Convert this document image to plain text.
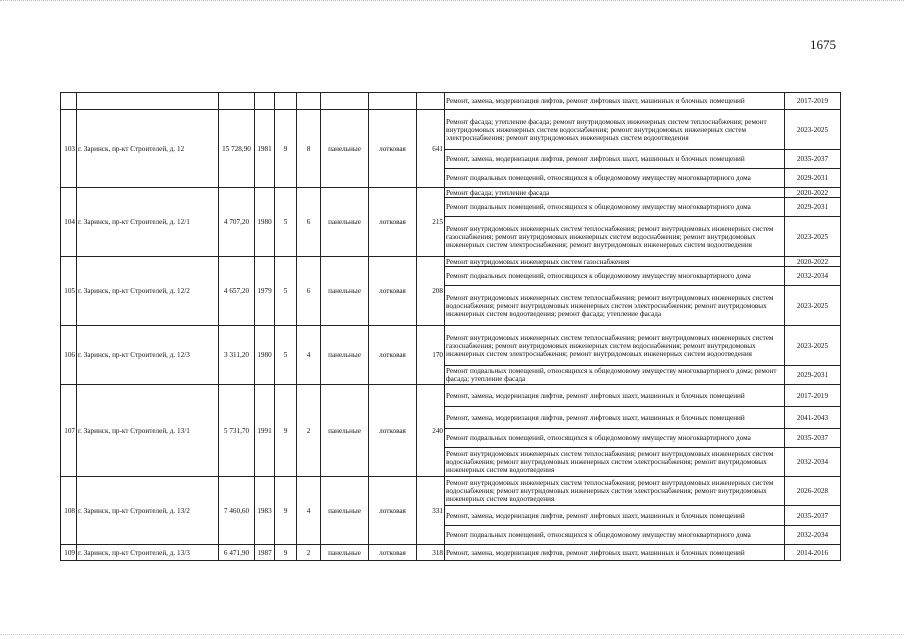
1675
									Ремонт, замена, модернизация лифтов, ремонт лифтовых шахт, машинных и блочных помещений	2017-2019
103	г. Заринск, пр-кт Строителей, д. 12	15 728,90	1981	9	8	панельные	лотковая	641	Ремонт фасада; утепление фасада; ремонт внутридомовых инженерных систем теплоснабжения; ремонт внутридомовых инженерных систем водоснабжения; ремонт внутридомовых инженерных систем электроснабжения; ремонт внутридомовых инженерных систем водоотведения	2023-2025
									Ремонт, замена, модернизация лифтов, ремонт лифтовых шахт, машинных и блочных помещений	2035-2037
									Ремонт подвальных помещений, относящихся к общедомовому имуществу многоквартирного дома	2029-2031
104	г. Заринск, пр-кт Строителей, д. 12/1	4 707,20	1980	5	6	панельные	лотковая	215	Ремонт фасада; утепление фасада	2020-2022
									Ремонт подвальных помещений, относящихся к общедомовому имуществу многоквартирного дома	2029-2031
									Ремонт внутридомовых инженерных систем теплоснабжения; ремонт внутридомовых инженерных систем газоснабжения; ремонт внутридомовых инженерных систем водоснабжения; ремонт внутридомовых инженерных систем электроснабжения; ремонт внутридомовых инженерных систем водоотведения	2023-2025
105	г. Заринск, пр-кт Строителей, д. 12/2	4 657,20	1979	5	6	панельные	лотковая	208	Ремонт внутридомовых инженерных систем газоснабжения	2020-2022
									Ремонт подвальных помещений, относящихся к общедомовому имуществу многоквартирного дома	2032-2034
									Ремонт внутридомовых инженерных систем теплоснабжения; ремонт внутридомовых инженерных систем водоснабжения; ремонт внутридомовых инженерных систем электроснабжения; ремонт внутридомовых инженерных систем водоотведения; ремонт фасада; утепление фасада	2023-2025
106	г. Заринск, пр-кт Строителей, д. 12/3	3 311,20	1980	5	4	панельные	лотковая	170	Ремонт внутридомовых инженерных систем теплоснабжения; ремонт внутридомовых инженерных систем газоснабжения; ремонт внутридомовых инженерных систем водоснабжения; ремонт внутридомовых инженерных систем электроснабжения; ремонт внутридомовых инженерных систем водоотведения	2023-2025
									Ремонт подвальных помещений, относящихся к общедомовому имуществу многоквартирного дома; ремонт фасада; утепление фасада	2029-2031
107	г. Заринск, пр-кт Строителей, д. 13/1	5 731,70	1991	9	2	панельные	лотковая	240	Ремонт, замена, модернизация лифтов, ремонт лифтовых шахт, машинных и блочных помещений	2017-2019
									Ремонт, замена, модернизация лифтов, ремонт лифтовых шахт, машинных и блочных помещений	2041-2043
									Ремонт подвальных помещений, относящихся к общедомовому имуществу многоквартирного дома	2035-2037
									Ремонт внутридомовых инженерных систем теплоснабжения; ремонт внутридомовых инженерных систем водоснабжения; ремонт внутридомовых инженерных систем электроснабжения; ремонт внутридомовых инженерных систем водоотведения	2032-2034
108	г. Заринск, пр-кт Строителей, д. 13/2	7 460,60	1983	9	4	панельные	лотковая	331	Ремонт внутридомовых инженерных систем теплоснабжения; ремонт внутридомовых инженерных систем водоснабжения; ремонт внутридомовых инженерных систем электроснабжения; ремонт внутридомовых инженерных систем водоотведения	2026-2028
									Ремонт, замена, модернизация лифтов, ремонт лифтовых шахт, машинных и блочных помещений	2035-2037
									Ремонт подвальных помещений, относящихся к общедомовому имуществу многоквартирного дома	2032-2034
109	г. Заринск, пр-кт Строителей, д. 13/3	6 471,90	1987	9	2	панельные	лотковая	318	Ремонт, замена, модернизация лифтов, ремонт лифтовых шахт, машинных и блочных помещений	2014-2016
